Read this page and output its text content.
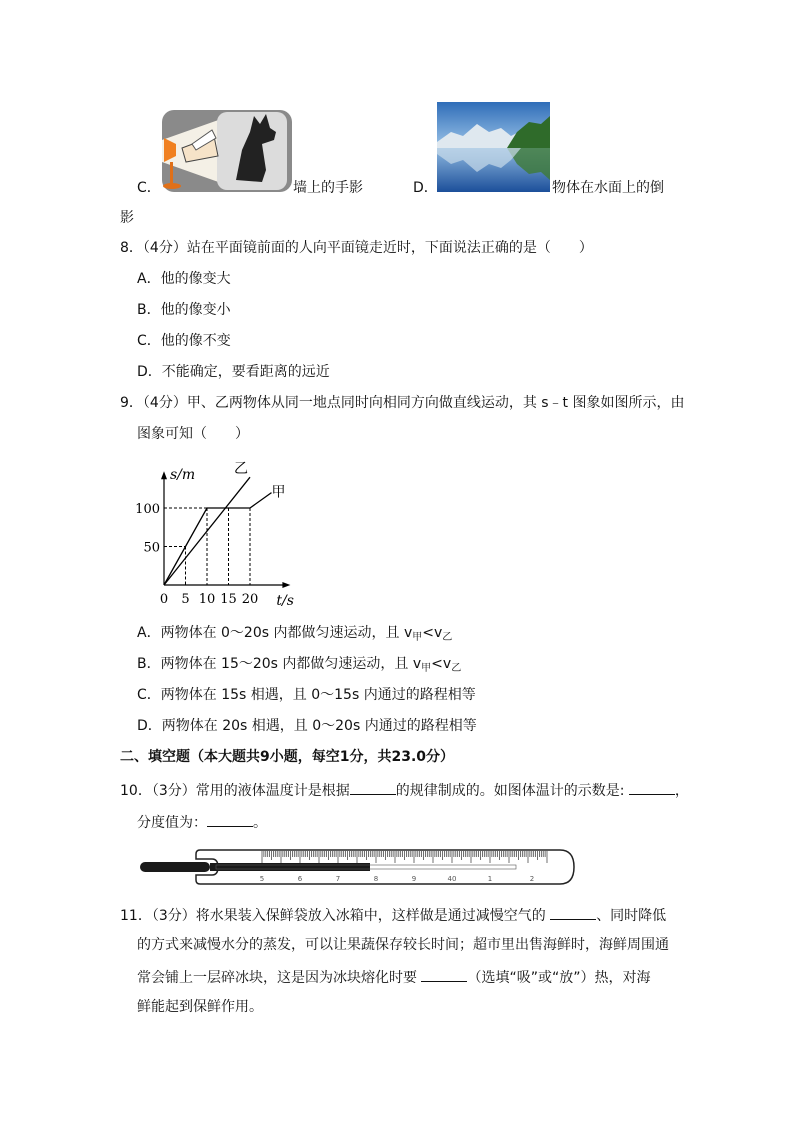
C．	墙上的手影	D．	物体在水面上的倒
影
8．（4分）站在平面镜前面的人向平面镜走近时，下面说法正确的是（　　）
A．他的像变大
B．他的像变小
C．他的像不变
D．不能确定，要看距离的远近
9．（4分）甲、乙两物体从同一地点同时向相同方向做直线运动，其 s﹣t 图象如图所示，由
图象可知（　　）
甲
乙
0 5 10 15 20
50
100
t/s
s/m
A．两物体在 0～20s 内都做匀速运动，且 $v_甲<v_乙$
B．两物体在 15～20s 内都做匀速运动，且 $v_甲<v_乙$
C．两物体在 15s 相遇，且 0～15s 内通过的路程相等
D．两物体在 20s 相遇，且 0～20s 内通过的路程相等
二、填空题（本大题共9小题，每空1分，共23.0分）
10．（3分）常用的液体温度计是根据	的规律制成的。如图体温计的示数是:	，
分度值为：	。
5	6	7	8	9	40	1	2
11．（3分）将水果装入保鲜袋放入冰箱中，这样做是通过减慢空气的	、同时降低
的方式来减慢水分的蒸发，可以让果蔬保存较长时间；超市里出售海鲜时，海鲜周围通
常会铺上一层碎冰块，这是因为冰块熔化时要	（选填“吸”或“放”）热，对海
鲜能起到保鲜作用。
